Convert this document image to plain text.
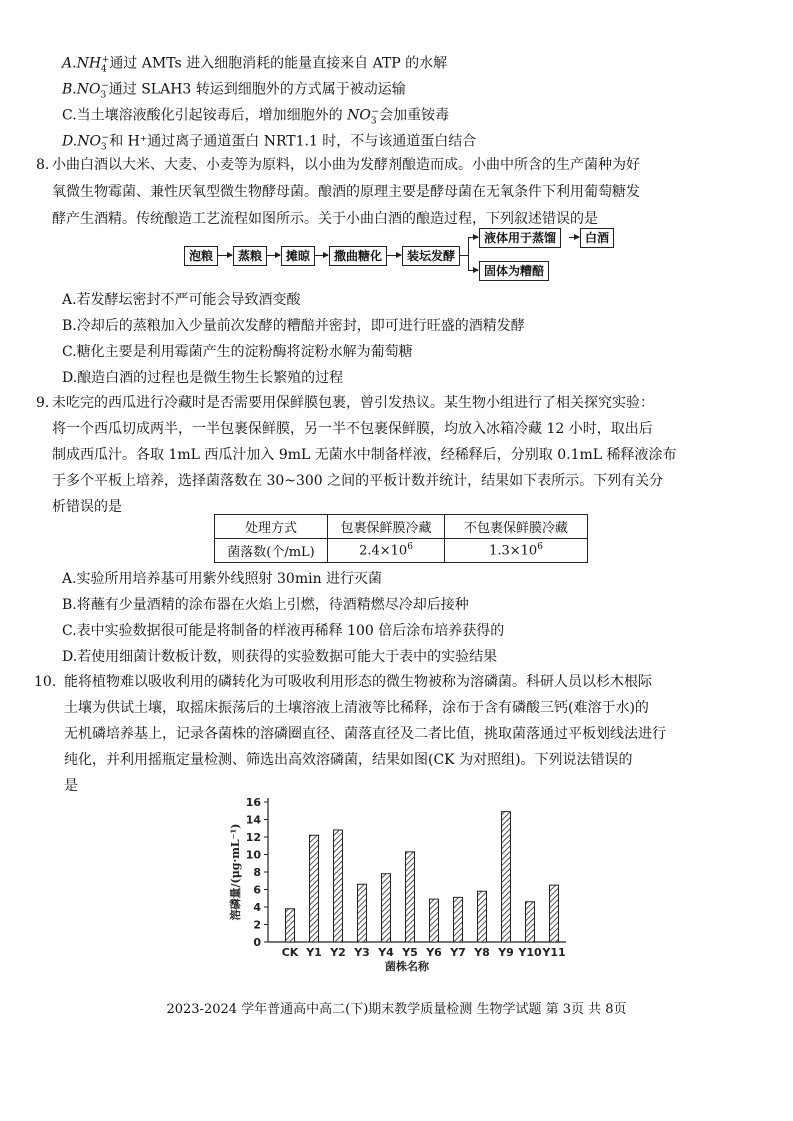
$A.NH_4^+$通过 AMTs 进入细胞消耗的能量直接来自 ATP 的水解
$B.NO_3^-$通过 SLAH3 转运到细胞外的方式属于被动运输
C.当土壤溶液酸化引起铵毒后，增加细胞外的 $NO_3^-$会加重铵毒
$D.NO_3^-$和 H⁺通过离子通道蛋白 NRT1.1 时，不与该通道蛋白结合
8. 小曲白酒以大米、大麦、小麦等为原料，以小曲为发酵剂酿造而成。小曲中所含的生产菌种为好
氧微生物霉菌、兼性厌氧型微生物酵母菌。酿酒的原理主要是酵母菌在无氧条件下利用葡萄糖发
酵产生酒精。传统酿造工艺流程如图所示。关于小曲白酒的酿造过程，下列叙述错误的是
泡粮	蒸粮	摊晾	撒曲糖化	装坛发酵
液体用于蒸馏	白酒
固体为糟醅
A.若发酵坛密封不严可能会导致酒变酸
B.冷却后的蒸粮加入少量前次发酵的糟醅并密封，即可进行旺盛的酒精发酵
C.糖化主要是利用霉菌产生的淀粉酶将淀粉水解为葡萄糖
D.酿造白酒的过程也是微生物生长繁殖的过程
9. 未吃完的西瓜进行冷藏时是否需要用保鲜膜包裹，曾引发热议。某生物小组进行了相关探究实验：
将一个西瓜切成两半，一半包裹保鲜膜，另一半不包裹保鲜膜，均放入冰箱冷藏 12 小时，取出后
制成西瓜汁。各取 1mL 西瓜汁加入 9mL 无菌水中制备样液，经稀释后，分别取 0.1mL 稀释液涂布
于多个平板上培养，选择菌落数在 30~300 之间的平板计数并统计，结果如下表所示。下列有关分
析错误的是
处理方式	包裹保鲜膜冷藏	不包裹保鲜膜冷藏
菌落数(个/mL)	$2.4\times 10^6$	$1.3\times 10^6$
A.实验所用培养基可用紫外线照射 30min 进行灭菌
B.将蘸有少量酒精的涂布器在火焰上引燃，待酒精燃尽冷却后接种
C.表中实验数据很可能是将制备的样液再稀释 100 倍后涂布培养获得的
D.若使用细菌计数板计数，则获得的实验数据可能大于表中的实验结果
10. 能将植物难以吸收利用的磷转化为可吸收利用形态的微生物被称为溶磷菌。科研人员以杉木根际
土壤为供试土壤，取摇床振荡后的土壤溶液上清液等比稀释，涂布于含有磷酸三钙(难溶于水)的
无机磷培养基上，记录各菌株的溶磷圈直径、菌落直径及二者比值，挑取菌落通过平板划线法进行
纯化，并利用摇瓶定量检测、筛选出高效溶磷菌，结果如图(CK 为对照组)。下列说法错误的
是
0
2
4
6
8
10
12
14
16
溶磷量/(μg·mL⁻¹)
CK Y1 Y2 Y3 Y4 Y5 Y6 Y7 Y8 Y9 Y10 Y11
菌株名称
2023-2024 学年普通高中高二(下)期末教学质量检测 生物学试题 第 3页 共 8页
